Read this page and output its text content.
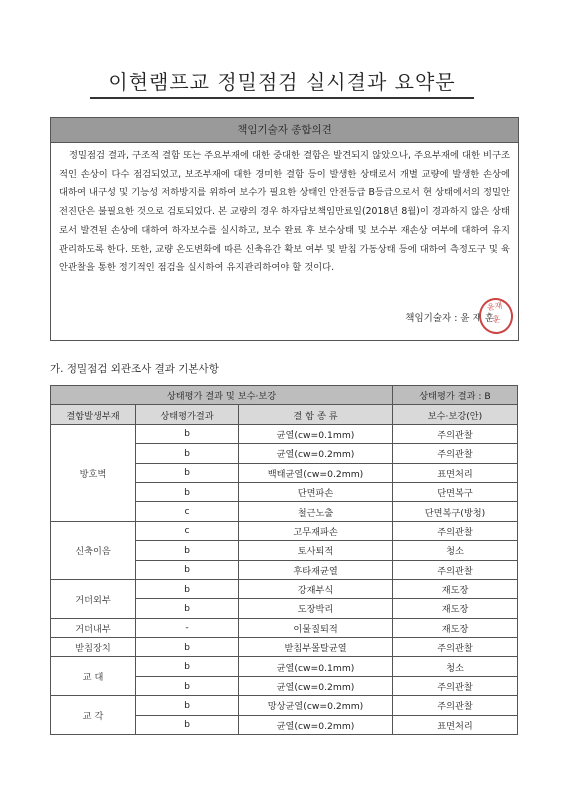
이현램프교 정밀점검 실시결과 요약문
책임기술자 종합의견

정밀점검 결과, 구조적 결함 또는 주요부재에 대한 중대한 결함은 발견되지 않았으나, 주요부재에 대한 비구조적인 손상이 다수 점검되었고, 보조부재에 대한 경미한 결함 등이 발생한 상태로서 개별 교량에 발생한 손상에 대하여 내구성 및 기능성 저하방지를 위하여 보수가 필요한 상태인 안전등급 B등급으로서 현 상태에서의 정밀안전진단은 불필요한 것으로 검토되었다. 본 교량의 경우 하자담보책임만료일(2018년 8월)이 경과하지 않은 상태로서 발견된 손상에 대하여 하자보수를 실시하고, 보수 완료 후 보수상태 및 보수부 재손상 여부에 대하여 유지관리하도록 한다. 또한, 교량 온도변화에 따른 신축유간 확보 여부 및 받침 가동상태 등에 대하여 측정도구 및 육안관찰을 통한 정기적인 점검을 실시하여 유지관리하여야 할 것이다.

책임기술자 : 윤 재 훈
윤재
훈
가. 정밀점검 외관조사 결과 기본사항
상태평가 결과 및 보수·보강			상태평가 결과 : B
결함발생부재	상태평가결과	결 함 종 류	보수·보강(안)
방호벽	b	균열(cw=0.1mm)	주의관찰
	b	균열(cw=0.2mm)	주의관찰
	b	백태균열(cw=0.2mm)	표면처리
	b	단면파손	단면복구
	c	철근노출	단면복구(방청)
신축이음	c	고무재파손	주의관찰
	b	토사퇴적	청소
	b	후타재균열	주의관찰
거더외부	b	강재부식	재도장
	b	도장박리	재도장
거더내부	-	이물질퇴적	재도장
받침장치	b	받침부몰탈균열	주의관찰
교 대	b	균열(cw=0.1mm)	청소
	b	균열(cw=0.2mm)	주의관찰
교 각	b	망상균열(cw=0.2mm)	주의관찰
	b	균열(cw=0.2mm)	표면처리
